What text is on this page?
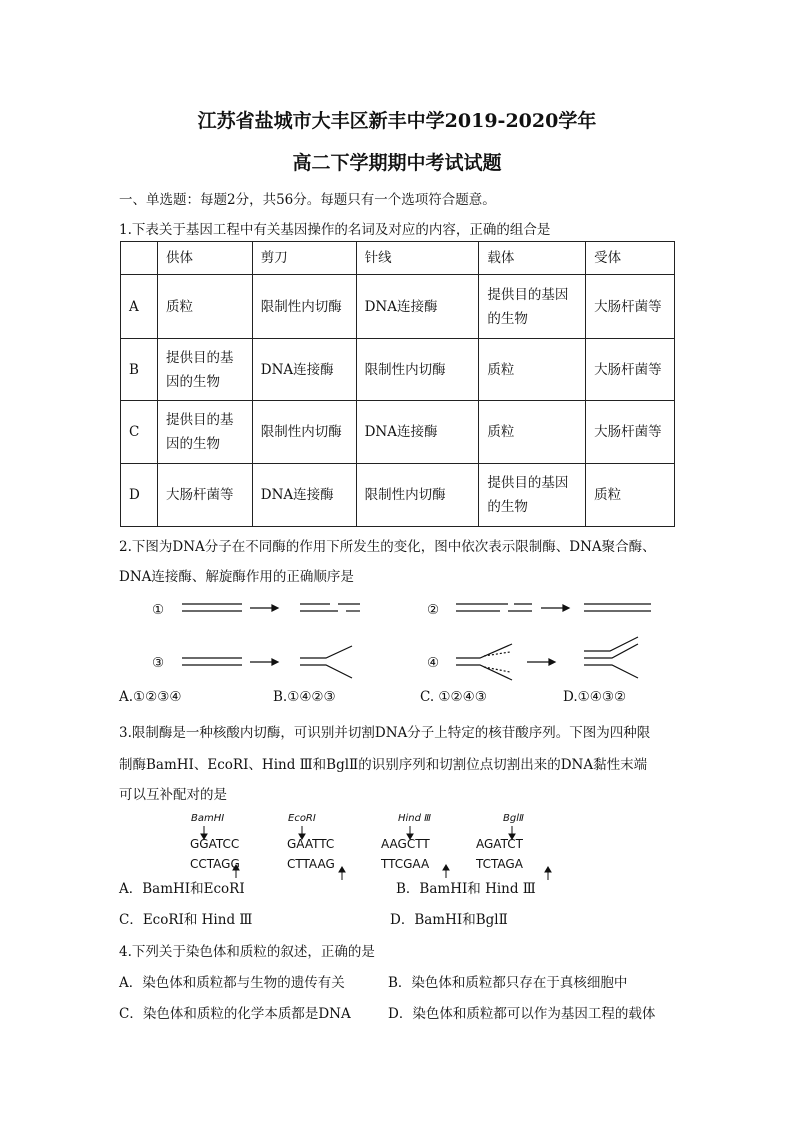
江苏省盐城市大丰区新丰中学2019-2020学年
高二下学期期中考试试题
一、单选题：每题2分，共56分。每题只有一个选项符合题意。
1.下表关于基因工程中有关基因操作的名词及对应的内容，正确的组合是
	供体	剪刀	针线	载体	受体
A	质粒	限制性内切酶	DNA连接酶	提供目的基因的生物	大肠杆菌等
B	提供目的基因的生物	DNA连接酶	限制性内切酶	质粒	大肠杆菌等
C	提供目的基因的生物	限制性内切酶	DNA连接酶	质粒	大肠杆菌等
D	大肠杆菌等	DNA连接酶	限制性内切酶	提供目的基因的生物	质粒
2.下图为DNA分子在不同酶的作用下所发生的变化，图中依次表示限制酶、DNA聚合酶、
DNA连接酶、解旋酶作用的正确顺序是
①	②
③	④
A.①②③④	B.①④②③	C. ①②④③	D.①④③②
3.限制酶是一种核酸内切酶，可识别并切割DNA分子上特定的核苷酸序列。下图为四种限
制酶BamHⅠ、EcoRⅠ、Hind Ⅲ和BglⅡ的识别序列和切割位点切割出来的DNA黏性末端
可以互补配对的是
BamHⅠ
GGATCC
CCTAGG
EcoRⅠ
GAATTC
CTTAAG
Hind Ⅲ
AAGCTT
TTCGAA
BglⅡ
AGATCT
TCTAGA
A．BamHⅠ和EcoRⅠ	B．BamHⅠ和 Hind Ⅲ
C．EcoRⅠ和 Hind Ⅲ	D．BamHⅠ和BglⅡ
4.下列关于染色体和质粒的叙述，正确的是
A．染色体和质粒都与生物的遗传有关	B．染色体和质粒都只存在于真核细胞中
C．染色体和质粒的化学本质都是DNA	D．染色体和质粒都可以作为基因工程的载体
